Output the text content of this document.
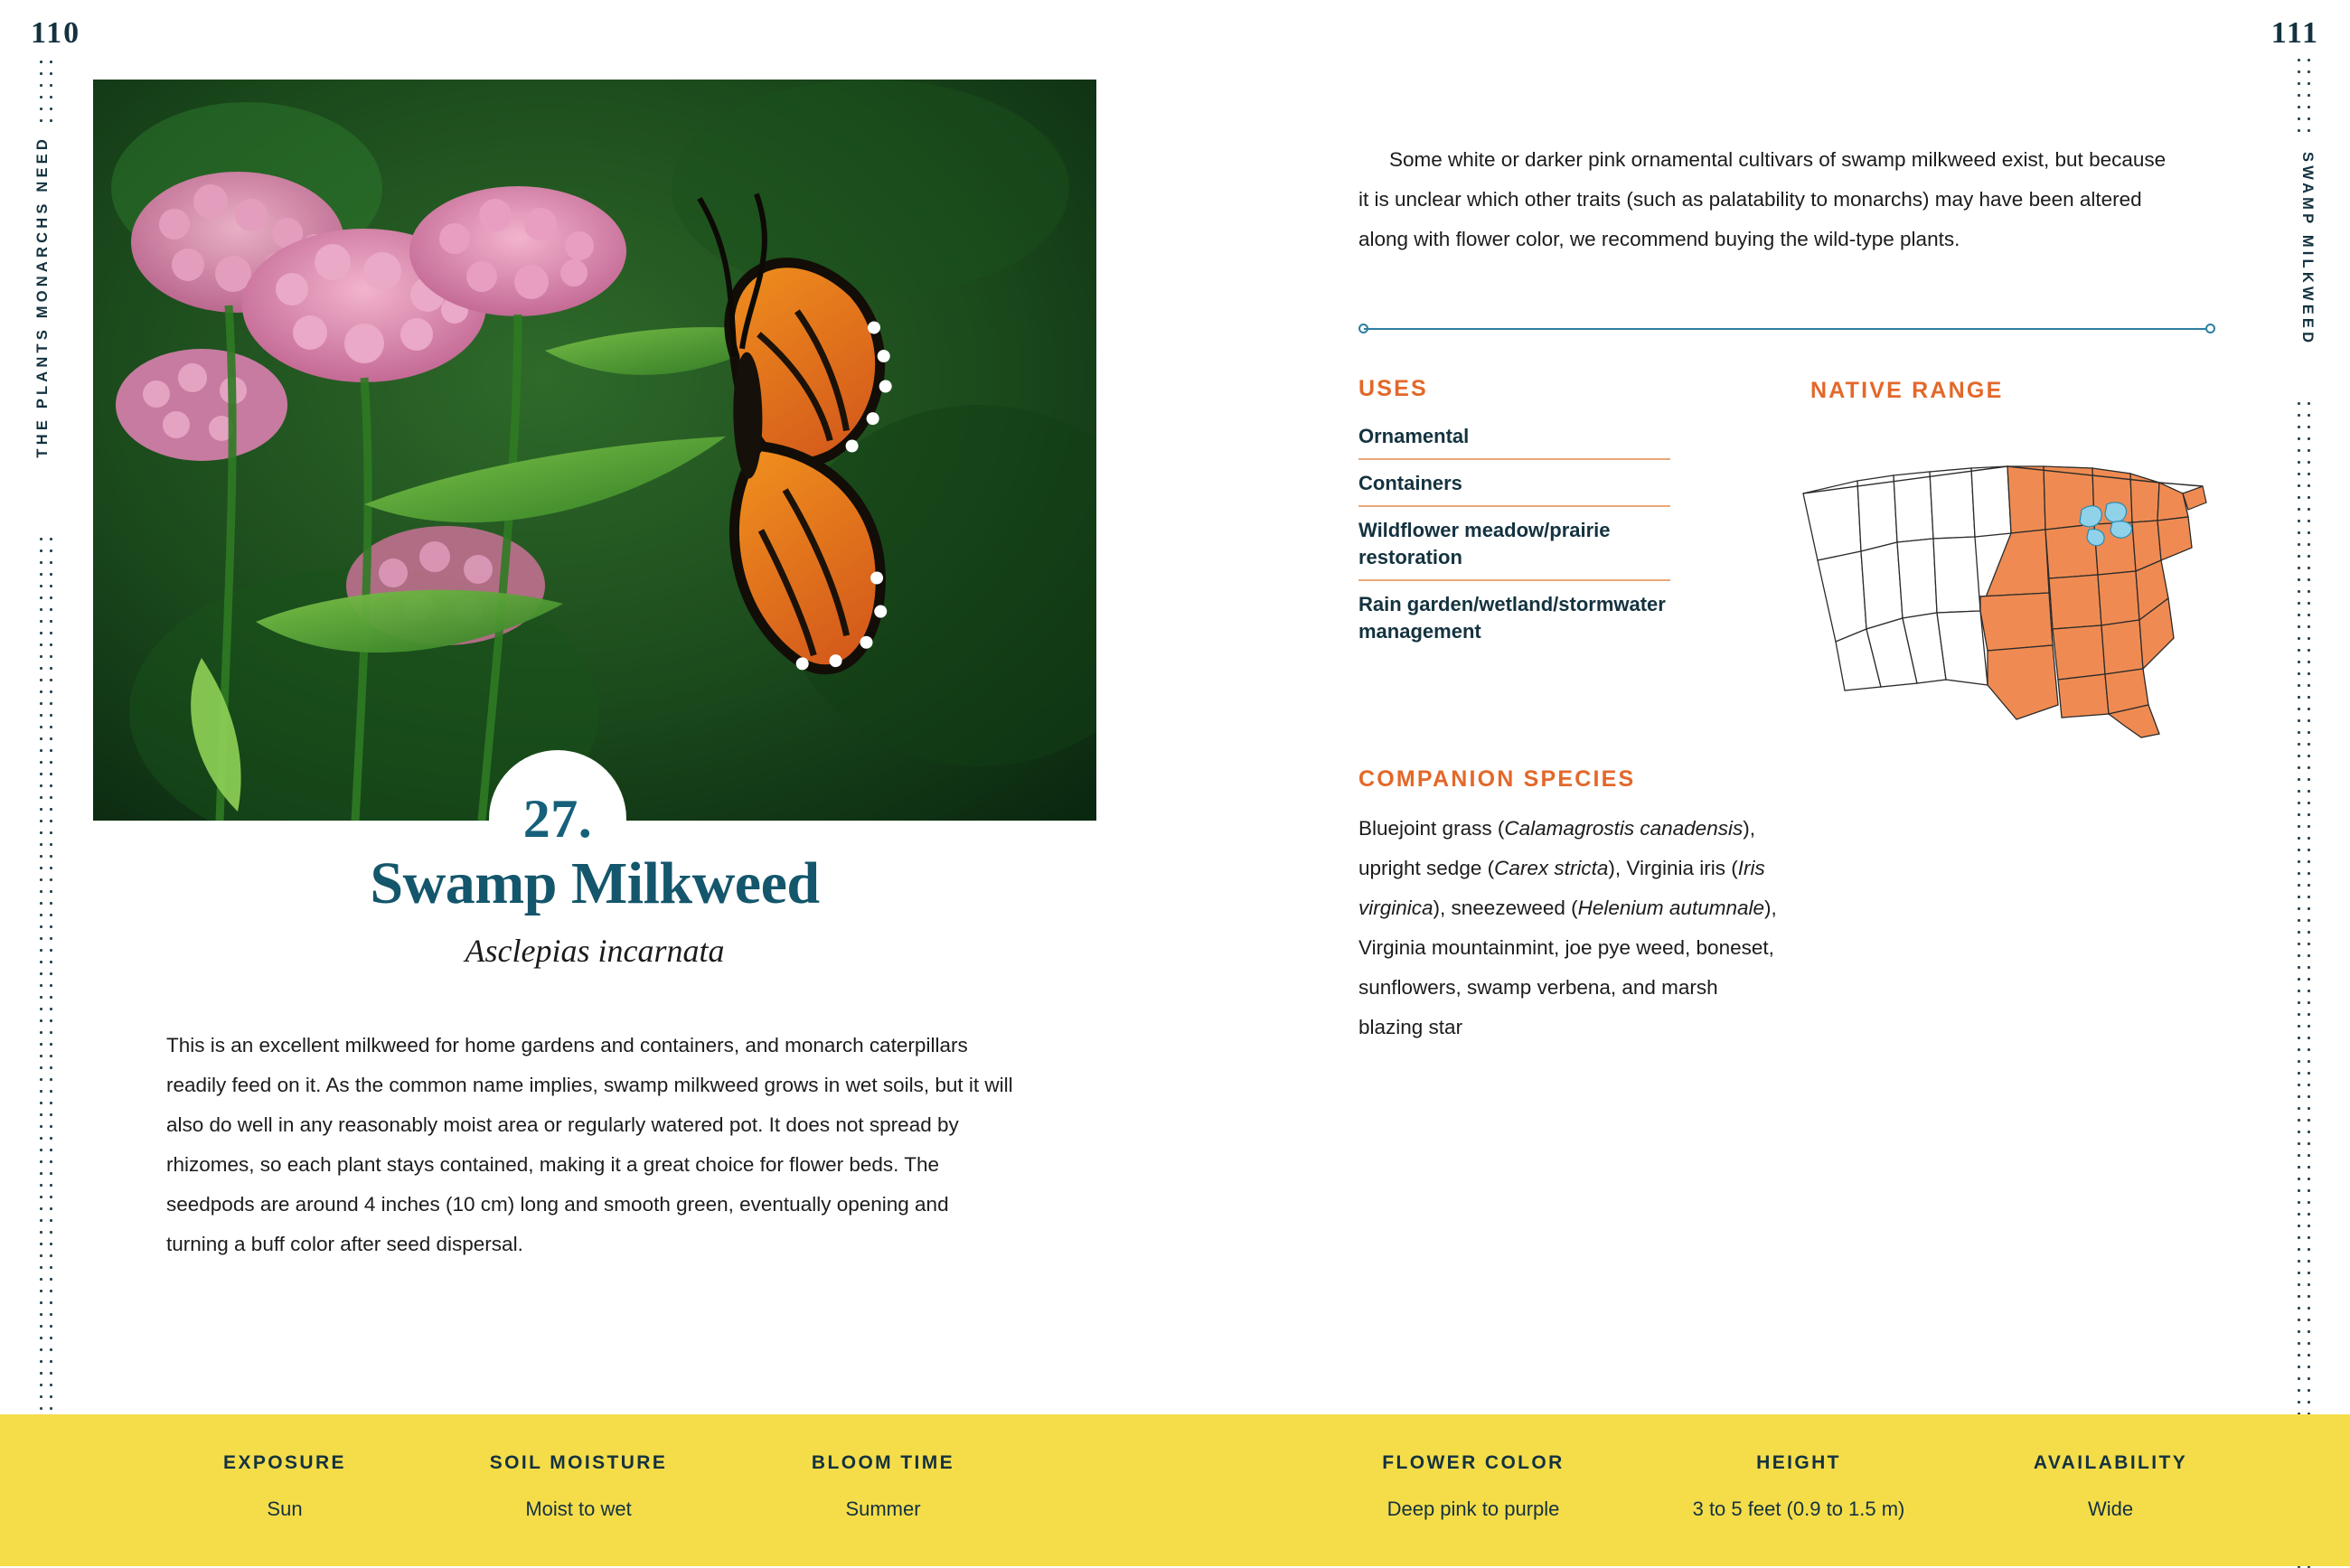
110
THE PLANTS MONARCHS NEED
27.
Swamp Milkweed
Asclepias incarnata
This is an excellent milkweed for home gardens and containers, and monarch caterpillars readily feed on it. As the common name implies, swamp milkweed grows in wet soils, but it will also do well in any reasonably moist area or regularly watered pot. It does not spread by rhizomes, so each plant stays contained, making it a great choice for flower beds. The seedpods are around 4 inches (10 cm) long and smooth green, eventually opening and turning a buff color after seed dispersal.
111
SWAMP MILKWEED
Some white or darker pink ornamental cultivars of swamp milkweed exist, but because it is unclear which other traits (such as palatability to monarchs) may have been altered along with flower color, we recommend buying the wild-type plants.
USES
Ornamental
Containers
Wildflower meadow/prairie restoration
Rain garden/wetland/stormwater management
NATIVE RANGE
COMPANION SPECIES
Bluejoint grass (Calamagrostis canadensis), upright sedge (Carex stricta), Virginia iris (Iris virginica), sneezeweed (Helenium autumnale), Virginia mountainmint, joe pye weed, boneset, sunflowers, swamp verbena, and marsh blazing star
EXPOSURE
Sun
SOIL MOISTURE
Moist to wet
BLOOM TIME
Summer
FLOWER COLOR
Deep pink to purple
HEIGHT
3 to 5 feet (0.9 to 1.5 m)
AVAILABILITY
Wide
